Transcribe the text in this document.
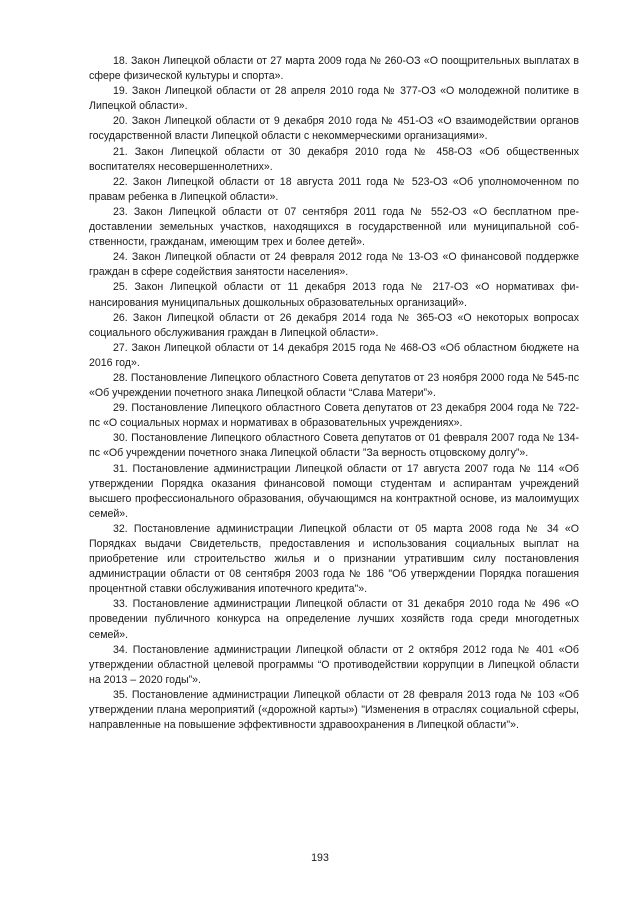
18. Закон Липецкой области от 27 марта 2009 года № 260-ОЗ «О поощрительных выплатах в сфере физической культуры и спорта».

19. Закон Липецкой области от 28 апреля 2010 года № 377-ОЗ «О молодежной политике в Липецкой области».

20. Закон Липецкой области от 9 декабря 2010 года № 451-ОЗ «О взаимодействии органов государственной власти Липецкой области с некоммерческими организациями».

21. Закон Липецкой области от 30 декабря 2010 года № 458-ОЗ «Об общественных воспитателях несовершеннолетних».

22. Закон Липецкой области от 18 августа 2011 года № 523-ОЗ «Об уполномоченном по правам ребенка в Липецкой области».

23. Закон Липецкой области от 07 сентября 2011 года № 552-ОЗ «О бесплатном предоставлении земельных участков, находящихся в государственной или муниципальной собственности, гражданам, имеющим трех и более детей».

24. Закон Липецкой области от 24 февраля 2012 года № 13-ОЗ «О финансовой поддержке граждан в сфере содействия занятости населения».

25. Закон Липецкой области от 11 декабря 2013 года № 217-ОЗ «О нормативах финансирования муниципальных дошкольных образовательных организаций».

26. Закон Липецкой области от 26 декабря 2014 года № 365-ОЗ «О некоторых вопросах социального обслуживания граждан в Липецкой области».

27. Закон Липецкой области от 14 декабря 2015 года № 468-ОЗ «Об областном бюджете на 2016 год».

28. Постановление Липецкого областного Совета депутатов от 23 ноября 2000 года № 545-пс «Об учреждении почетного знака Липецкой области “Слава Матери”».

29. Постановление Липецкого областного Совета депутатов от 23 декабря 2004 года № 722-пс «О социальных нормах и нормативах в образовательных учреждениях».

30. Постановление Липецкого областного Совета депутатов от 01 февраля 2007 года № 134-пс «Об учреждении почетного знака Липецкой области ”За верность отцовскому долгу”».

31. Постановление администрации Липецкой области от 17 августа 2007 года № 114 «Об утверждении Порядка оказания финансовой помощи студентам и аспирантам учреждений высшего профессионального образования, обучающимся на контрактной основе, из малоимущих семей».

32. Постановление администрации Липецкой области от 05 марта 2008 года № 34 «О Порядках выдачи Свидетельств, предоставления и использования социальных выплат на приобретение или строительство жилья и о признании утратившим силу постановления администрации области от 08 сентября 2003 года № 186 "Об утверждении Порядка погашения процентной ставки обслуживания ипотечного кредита"».

33. Постановление администрации Липецкой области от 31 декабря 2010 года № 496 «О проведении публичного конкурса на определение лучших хозяйств года среди многодетных семей».

34. Постановление администрации Липецкой области от 2 октября 2012 года № 401 «Об утверждении областной целевой программы “О противодействии коррупции в Липецкой области на 2013 – 2020 годы”».

35. Постановление администрации Липецкой области от 28 февраля 2013 года № 103 «Об утверждении плана мероприятий («дорожной карты») "Изменения в отраслях социальной сферы, направленные на повышение эффективности здравоохранения в Липецкой области"».

193
